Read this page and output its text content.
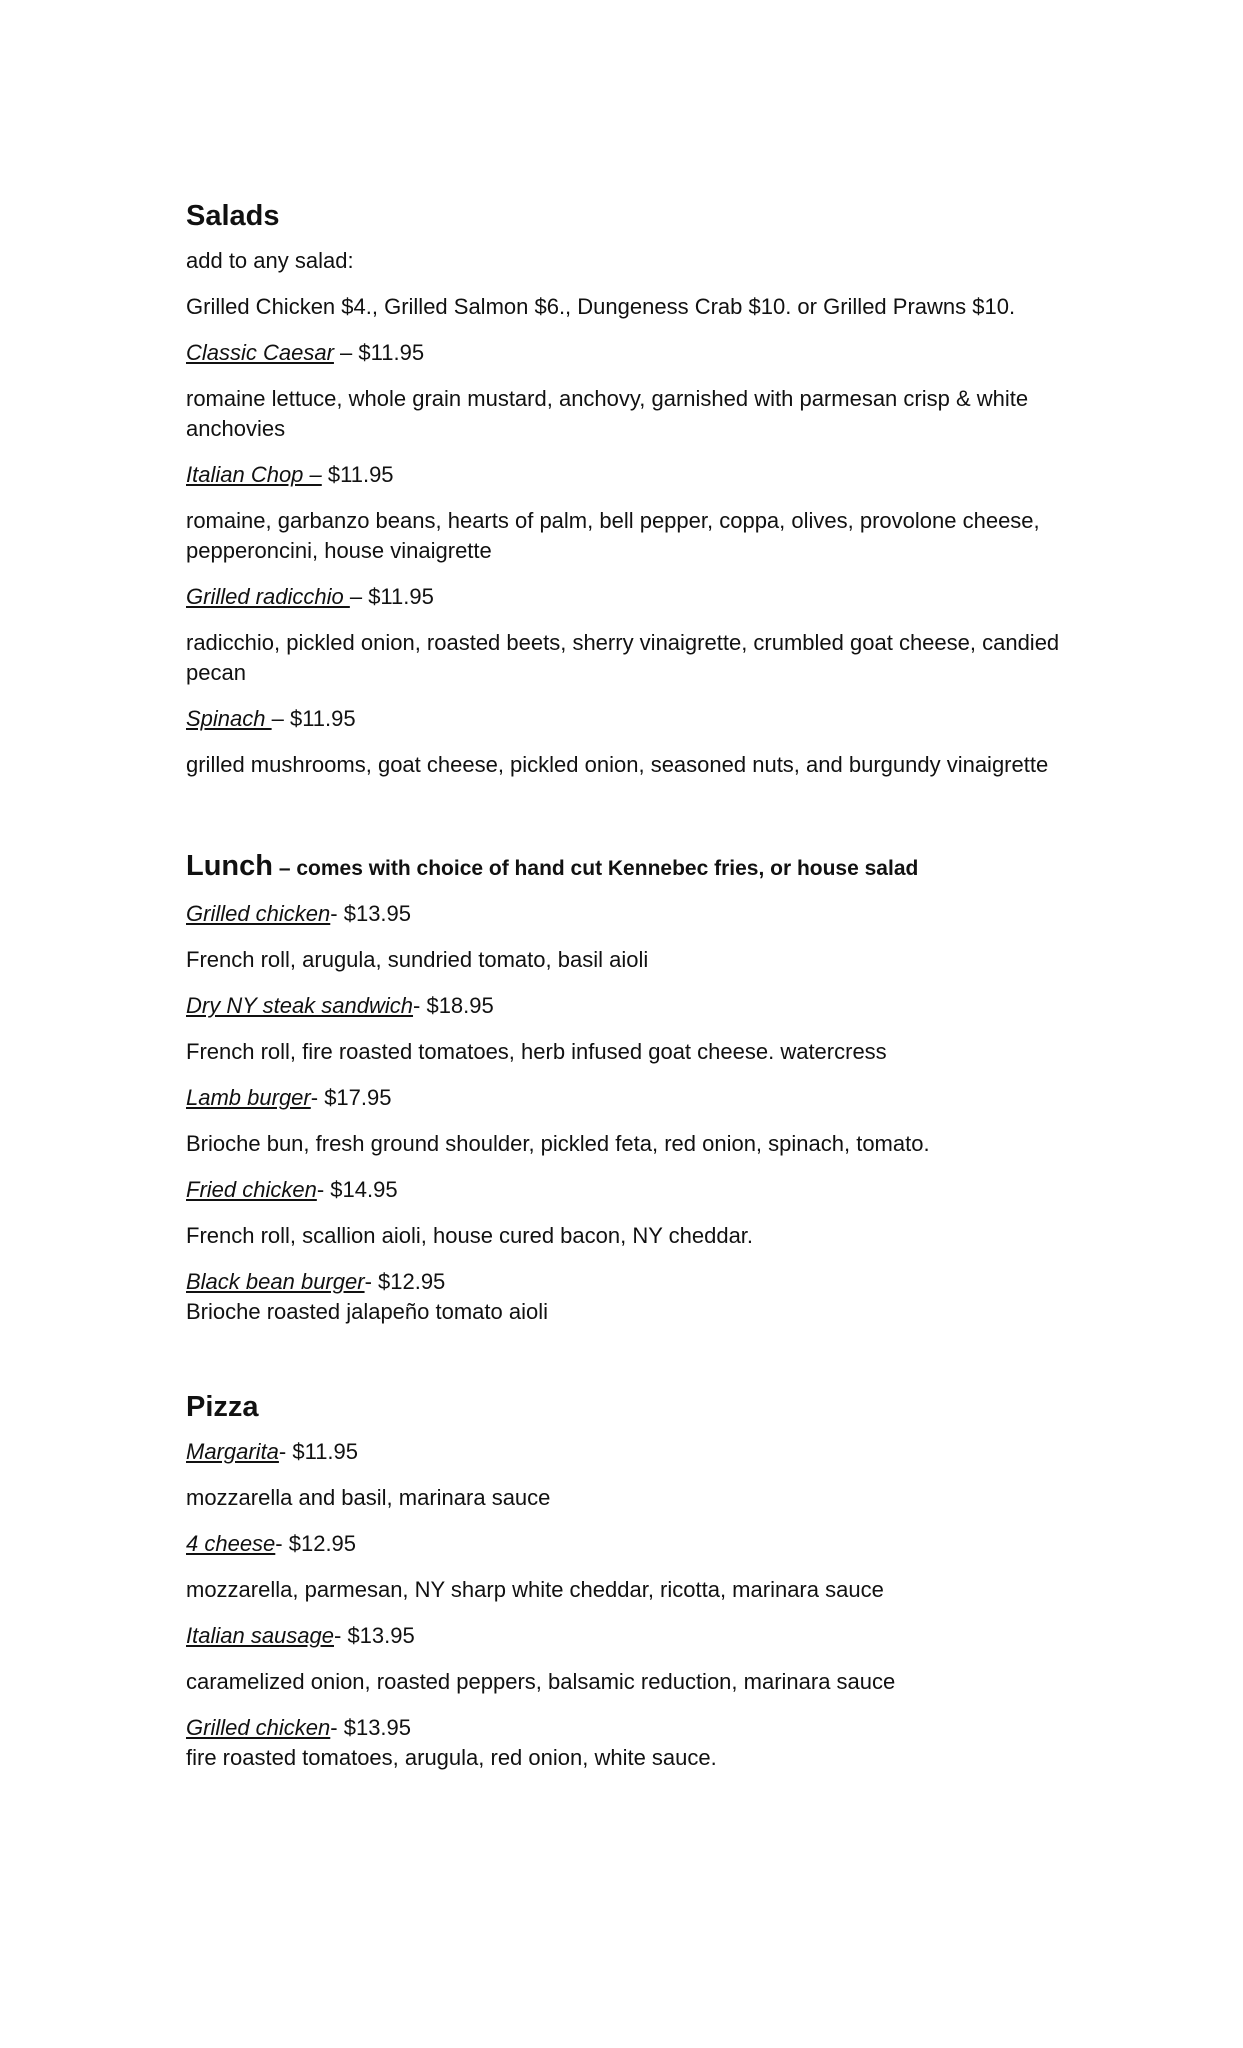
Salads
add to any salad:
Grilled Chicken $4., Grilled Salmon $6., Dungeness Crab $10. or Grilled Prawns $10.
Classic Caesar – $11.95
romaine lettuce, whole grain mustard, anchovy, garnished with parmesan crisp & white anchovies
Italian Chop – $11.95
romaine, garbanzo beans, hearts of palm, bell pepper, coppa, olives, provolone cheese, pepperoncini, house vinaigrette
Grilled radicchio – $11.95
radicchio, pickled onion, roasted beets, sherry vinaigrette, crumbled goat cheese, candied pecan
Spinach – $11.95
grilled mushrooms, goat cheese, pickled onion, seasoned nuts, and burgundy vinaigrette
Lunch – comes with choice of hand cut Kennebec fries, or house salad
Grilled chicken- $13.95
French roll, arugula, sundried tomato, basil aioli
Dry NY steak sandwich- $18.95
French roll, fire roasted tomatoes, herb infused goat cheese. watercress
Lamb burger- $17.95
Brioche bun, fresh ground shoulder, pickled feta, red onion, spinach, tomato.
Fried chicken- $14.95
French roll, scallion aioli, house cured bacon, NY cheddar.
Black bean burger- $12.95
Brioche roasted jalapeño tomato aioli
Pizza
Margarita- $11.95
mozzarella and basil, marinara sauce
4 cheese- $12.95
mozzarella, parmesan, NY sharp white cheddar, ricotta, marinara sauce
Italian sausage- $13.95
caramelized onion, roasted peppers, balsamic reduction, marinara sauce
Grilled chicken- $13.95
fire roasted tomatoes, arugula, red onion, white sauce.
